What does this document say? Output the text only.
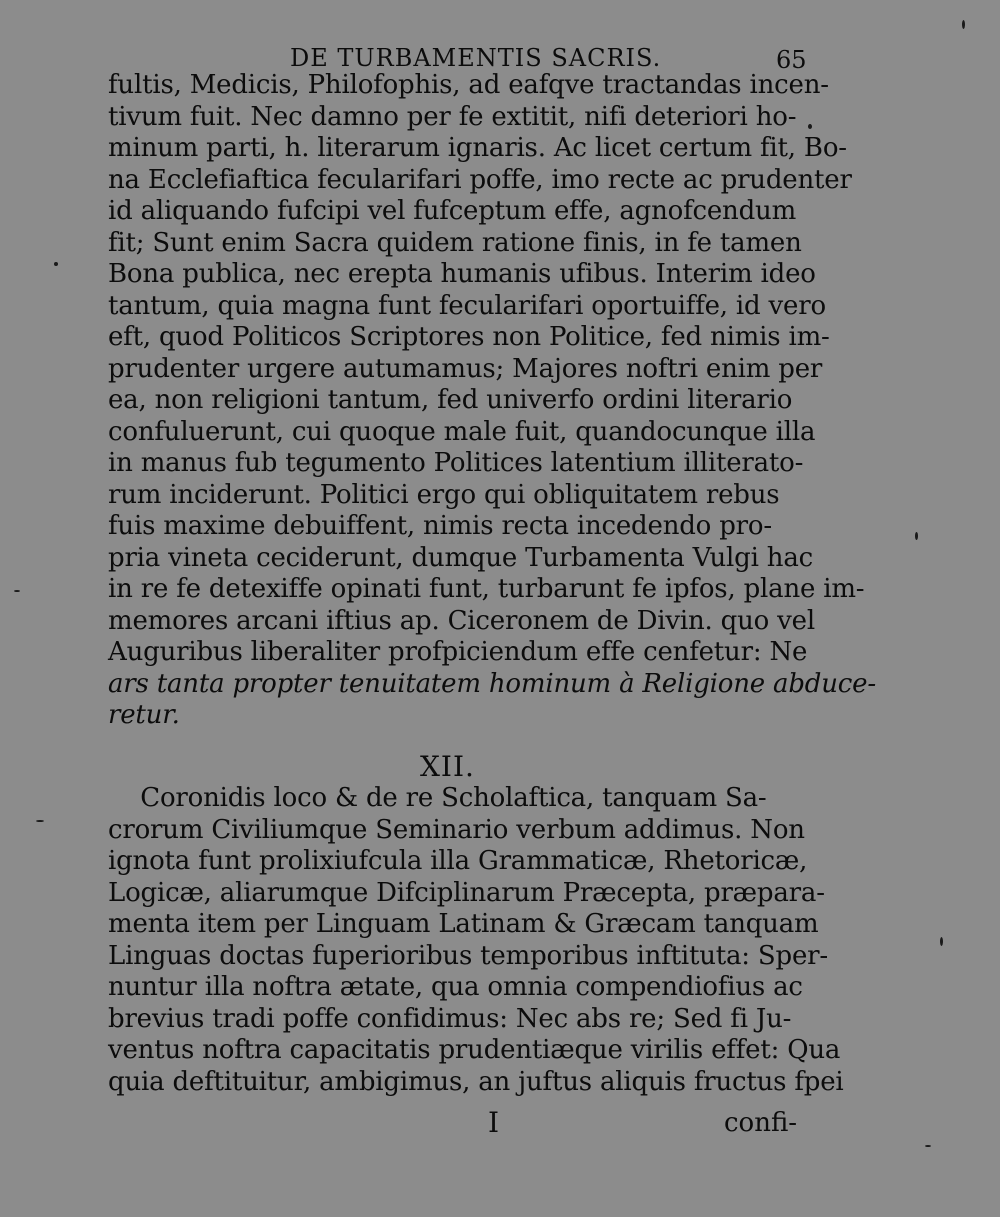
DE TURBAMENTIS SACRIS.	65
fultis, Medicis, Philofophis, ad eafqve tractandas incen-
tivum fuit. Nec damno per fe extitit, nifi deteriori ho-
minum parti, h. literarum ignaris. Ac licet certum fit, Bo-
na Ecclefiaftica fecularifari poffe, imo recte ac prudenter
id aliquando fufcipi vel fufceptum effe, agnofcendum
fit; Sunt enim Sacra quidem ratione finis, in fe tamen
Bona publica, nec erepta humanis ufibus. Interim ideo
tantum, quia magna funt fecularifari oportuiffe, id vero
eft, quod Politicos Scriptores non Politice, fed nimis im-
prudenter urgere autumamus; Majores noftri enim per
ea, non religioni tantum, fed univerfo ordini literario
confuluerunt, cui quoque male fuit, quandocunque illa
in manus fub tegumento Politices latentium illiterato-
rum inciderunt. Politici ergo qui obliquitatem rebus
fuis maxime debuiffent, nimis recta incedendo pro-
pria vineta ceciderunt, dumque Turbamenta Vulgi hac
in re fe detexiffe opinati funt, turbarunt fe ipfos, plane im-
memores arcani iftius ap. Ciceronem de Divin. quo vel
Auguribus liberaliter profpiciendum effe cenfetur: Ne
ars tanta propter tenuitatem hominum à Religione abduce-
retur.
XII.
Coronidis loco & de re Scholaftica, tanquam Sa-
crorum Civiliumque Seminario verbum addimus. Non
ignota funt prolixiufcula illa Grammaticæ, Rhetoricæ,
Logicæ, aliarumque Difciplinarum Præcepta, præpara-
menta item per Linguam Latinam & Græcam tanquam
Linguas doctas fuperioribus temporibus inftituta: Sper-
nuntur illa noftra ætate, qua omnia compendiofius ac
brevius tradi poffe confidimus: Nec abs re; Sed fi Ju-
ventus noftra capacitatis prudentiæque virilis effet: Qua
quia deftituitur, ambigimus, an juftus aliquis fructus fpei
I	confi-
